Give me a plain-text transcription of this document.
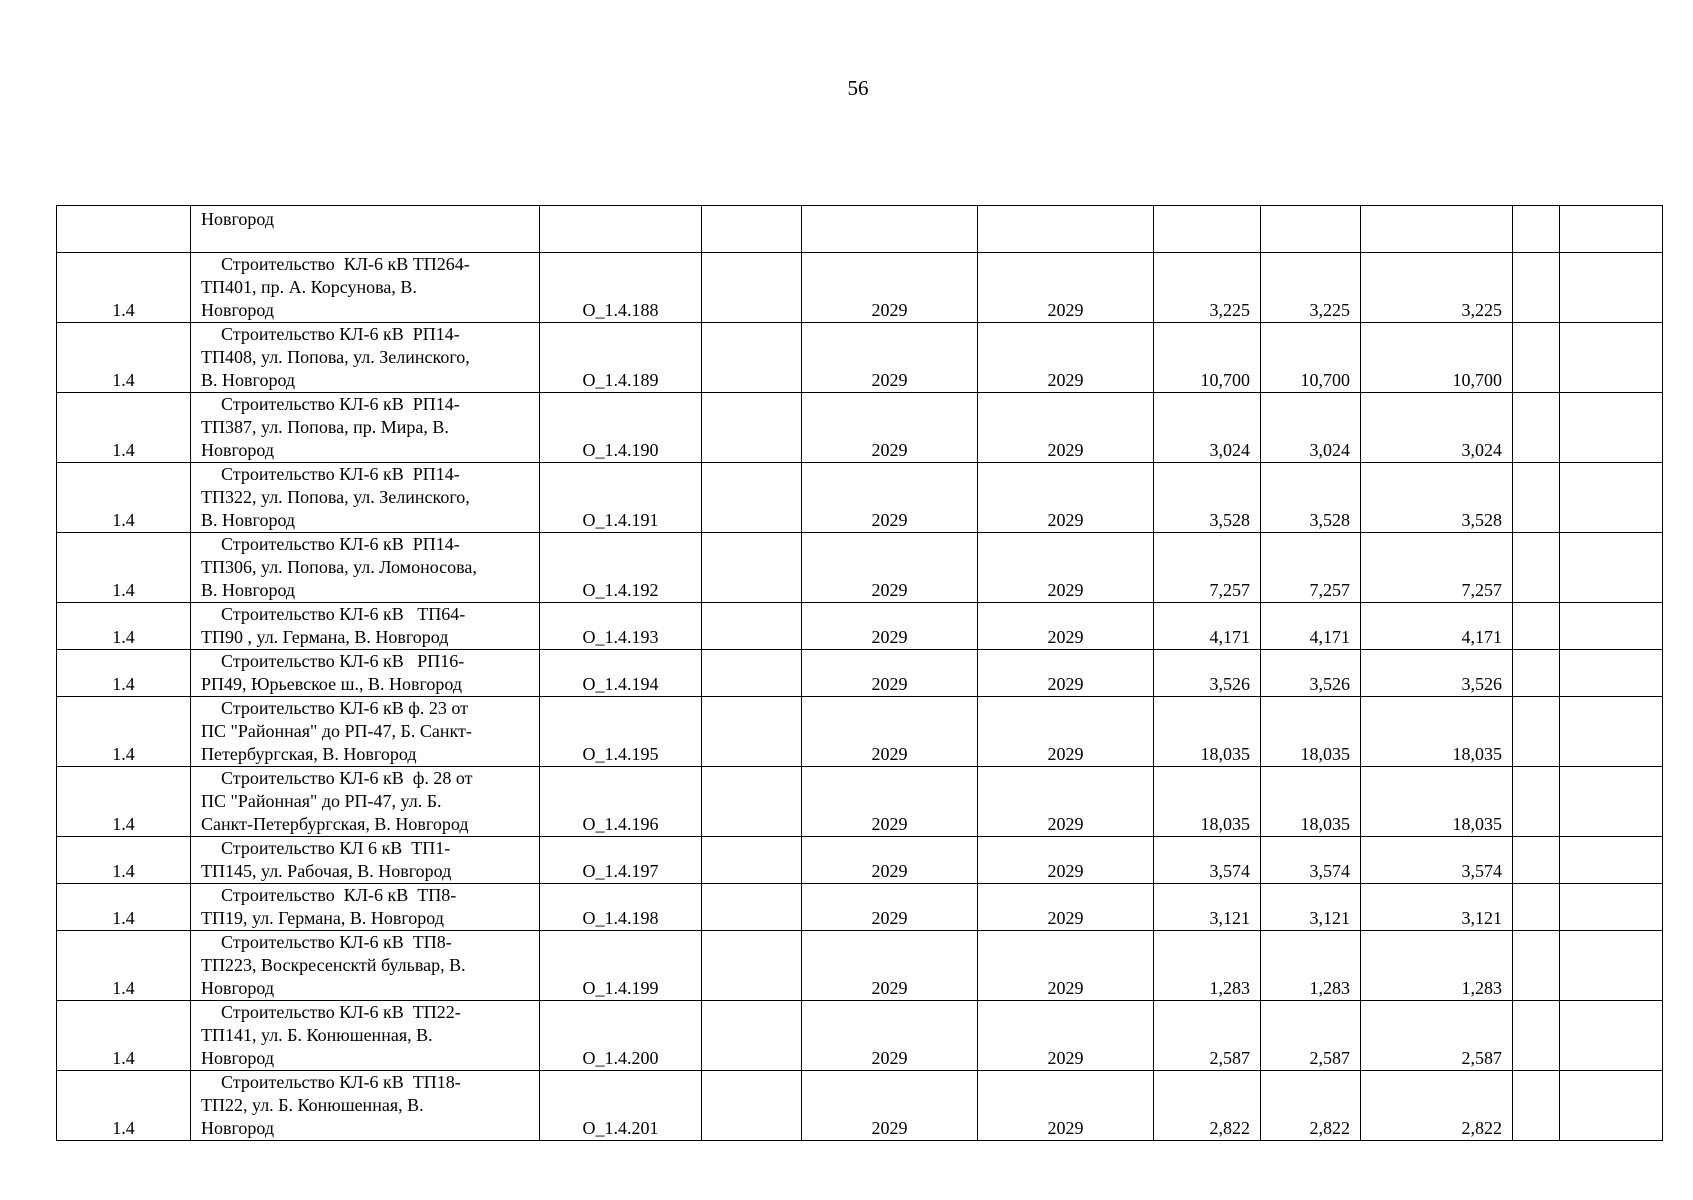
56
	Новгород									
1.4	Строительство  КЛ-6 кВ ТП264-
ТП401, пр. А. Корсунова, В.
Новгород	О_1.4.188		2029	2029	3,225	3,225	3,225		
1.4	Строительство КЛ-6 кВ  РП14-
ТП408, ул. Попова, ул. Зелинского,
В. Новгород	О_1.4.189		2029	2029	10,700	10,700	10,700		
1.4	Строительство КЛ-6 кВ  РП14-
ТП387, ул. Попова, пр. Мира, В.
Новгород	О_1.4.190		2029	2029	3,024	3,024	3,024		
1.4	Строительство КЛ-6 кВ  РП14-
ТП322, ул. Попова, ул. Зелинского,
В. Новгород	О_1.4.191		2029	2029	3,528	3,528	3,528		
1.4	Строительство КЛ-6 кВ  РП14-
ТП306, ул. Попова, ул. Ломоносова,
В. Новгород	О_1.4.192		2029	2029	7,257	7,257	7,257		
1.4	Строительство КЛ-6 кВ   ТП64-
ТП90 , ул. Германа, В. Новгород	О_1.4.193		2029	2029	4,171	4,171	4,171		
1.4	Строительство КЛ-6 кВ   РП16-
РП49, Юрьевское ш., В. Новгород	О_1.4.194		2029	2029	3,526	3,526	3,526		
1.4	Строительство КЛ-6 кВ ф. 23 от
ПС "Районная" до РП-47, Б. Санкт-
Петербургская, В. Новгород	О_1.4.195		2029	2029	18,035	18,035	18,035		
1.4	Строительство КЛ-6 кВ  ф. 28 от
ПС "Районная" до РП-47, ул. Б.
Санкт-Петербургская, В. Новгород	О_1.4.196		2029	2029	18,035	18,035	18,035		
1.4	Строительство КЛ 6 кВ  ТП1-
ТП145, ул. Рабочая, В. Новгород	О_1.4.197		2029	2029	3,574	3,574	3,574		
1.4	Строительство  КЛ-6 кВ  ТП8-
ТП19, ул. Германа, В. Новгород	О_1.4.198		2029	2029	3,121	3,121	3,121		
1.4	Строительство КЛ-6 кВ  ТП8-
ТП223, Воскресенсктй бульвар, В.
Новгород	О_1.4.199		2029	2029	1,283	1,283	1,283		
1.4	Строительство КЛ-6 кВ  ТП22-
ТП141, ул. Б. Конюшенная, В.
Новгород	О_1.4.200		2029	2029	2,587	2,587	2,587		
1.4	Строительство КЛ-6 кВ  ТП18-
ТП22, ул. Б. Конюшенная, В.
Новгород	О_1.4.201		2029	2029	2,822	2,822	2,822		
